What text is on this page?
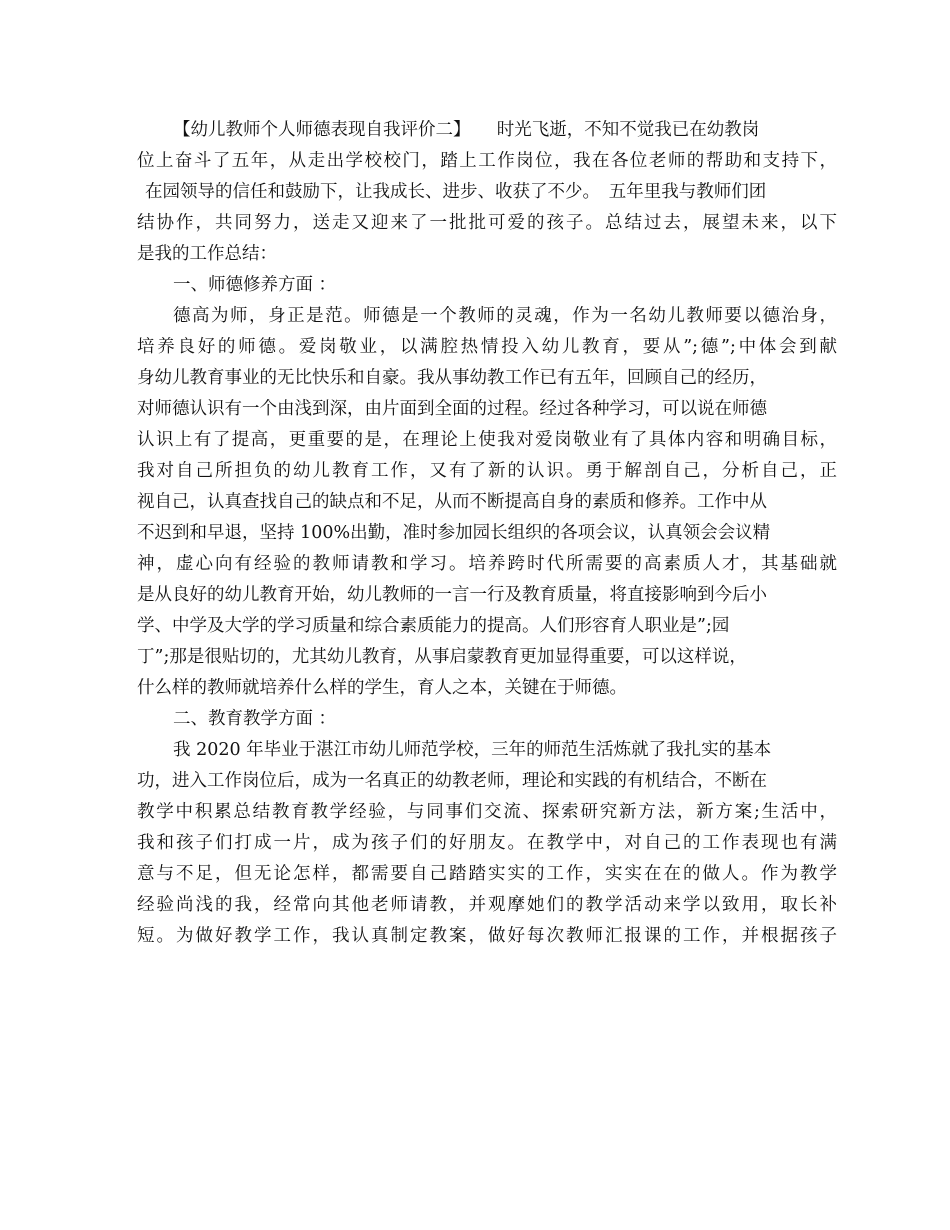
【幼儿教师个人师德表现自我评价二】　　时光飞逝，不知不觉我已在幼教岗
位上奋斗了五年，从走出学校校门，踏上工作岗位，我在各位老师的帮助和支持下，
在园领导的信任和鼓励下，让我成长、进步、收获了不少。　五年里我与教师们团
结协作，共同努力，送走又迎来了一批批可爱的孩子。总结过去，展望未来，以下
是我的工作总结：
一、师德修养方面 ：
德高为师，身正是范。师德是一个教师的灵魂，作为一名幼儿教师要以德治身，
培养良好的师德。爱岗敬业，以满腔热情投入幼儿教育，要从”;德”;中体会到献
身幼儿教育事业的无比快乐和自豪。我从事幼教工作已有五年，回顾自己的经历，
对师德认识有一个由浅到深，由片面到全面的过程。经过各种学习，可以说在师德
认识上有了提高，更重要的是，在理论上使我对爱岗敬业有了具体内容和明确目标，
我对自己所担负的幼儿教育工作，又有了新的认识。勇于解剖自己，分析自己，正
视自己，认真查找自己的缺点和不足，从而不断提高自身的素质和修养。工作中从
不迟到和早退，坚持 100%出勤，准时参加园长组织的各项会议，认真领会会议精
神，虚心向有经验的教师请教和学习。培养跨时代所需要的高素质人才，其基础就
是从良好的幼儿教育开始，幼儿教师的一言一行及教育质量，将直接影响到今后小
学、中学及大学的学习质量和综合素质能力的提高。人们形容育人职业是”;园
丁”;那是很贴切的，尤其幼儿教育，从事启蒙教育更加显得重要，可以这样说，
什么样的教师就培养什么样的学生，育人之本，关键在于师德。
二、教育教学方面 ：
我 2020 年毕业于湛江市幼儿师范学校，三年的师范生活炼就了我扎实的基本
功，进入工作岗位后，成为一名真正的幼教老师，理论和实践的有机结合，不断在
教学中积累总结教育教学经验，与同事们交流、探索研究新方法，新方案;生活中，
我和孩子们打成一片，成为孩子们的好朋友。在教学中，对自己的工作表现也有满
意与不足，但无论怎样，都需要自己踏踏实实的工作，实实在在的做人。作为教学
经验尚浅的我，经常向其他老师请教，并观摩她们的教学活动来学以致用，取长补
短。为做好教学工作，我认真制定教案，做好每次教师汇报课的工作，并根据孩子
